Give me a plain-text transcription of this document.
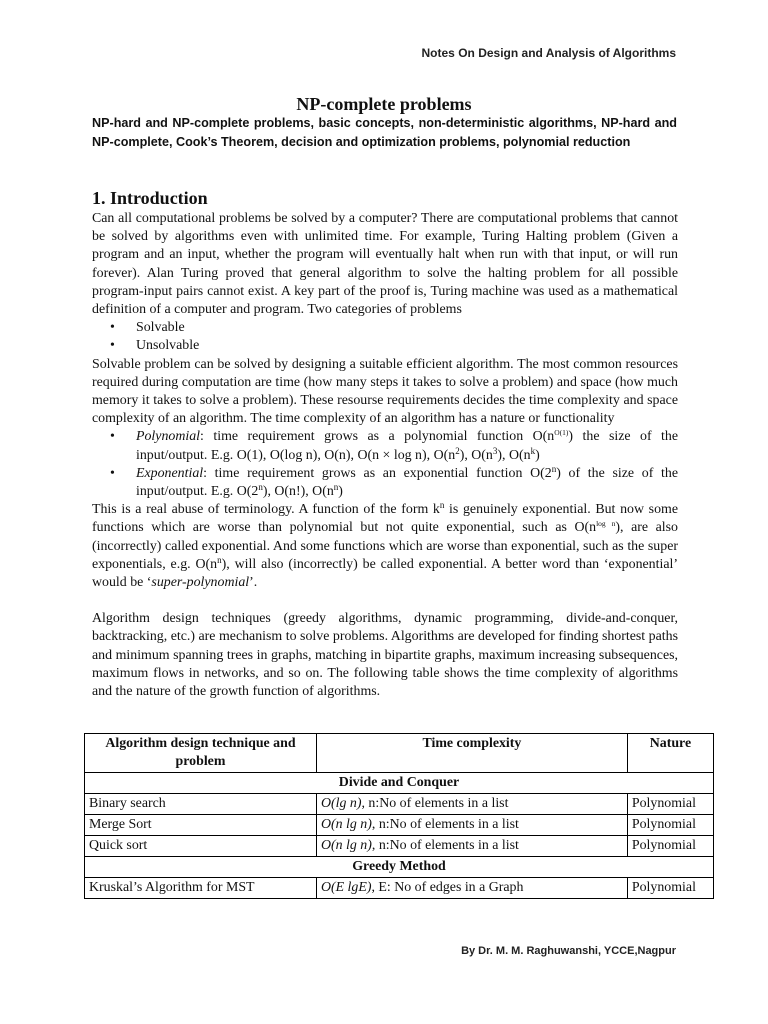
Notes On Design and Analysis of Algorithms
NP-complete problems

NP-hard and NP-complete problems, basic concepts, non-deterministic algorithms, NP-hard and NP-complete, Cook’s Theorem, decision and optimization problems, polynomial reduction

1. Introduction

Can all computational problems be solved by a computer? There are computational problems that cannot be solved by algorithms even with unlimited time. For example, Turing Halting problem (Given a program and an input, whether the program will eventually halt when run with that input, or will run forever). Alan Turing proved that general algorithm to solve the halting problem for all possible program-input pairs cannot exist. A key part of the proof is, Turing machine was used as a mathematical definition of a computer and program. Two categories of problems

• Solvable
• Unsolvable

Solvable problem can be solved by designing a suitable efficient algorithm. The most common resources required during computation are time (how many steps it takes to solve a problem) and space (how much memory it takes to solve a problem). These resourse requirements decides the time complexity and space complexity of an algorithm. The time complexity of an algorithm has a nature or functionality

• Polynomial: time requirement grows as a polynomial function $O(n^{O(1)})$ the size of the input/output. E.g. O(1), O(log n), O(n), O(n × log n), $O(n^2)$, $O(n^3)$, $O(n^k)$
• Exponential: time requirement grows as an exponential function O(2$^n$) of the size of the input/output. E.g. O(2$^n$), O(n!), $O(n^n)$

This is a real abuse of terminology. A function of the form $k^n$ is genuinely exponential. But now some functions which are worse than polynomial but not quite exponential, such as $O(n^{log n})$, are also (incorrectly) called exponential. And some functions which are worse than exponential, such as the super exponentials, e.g. $O(n^n)$, will also (incorrectly) be called exponential. A better word than ‘exponential’ would be ‘super-polynomial’.

Algorithm design techniques (greedy algorithms, dynamic programming, divide-and-conquer, backtracking, etc.) are mechanism to solve problems. Algorithms are developed for finding shortest paths and minimum spanning trees in graphs, matching in bipartite graphs, maximum increasing subsequences, maximum flows in networks, and so on. The following table shows the time complexity of algorithms and the nature of the growth function of algorithms.

Algorithm design technique and problem	Time complexity	Nature
Divide and Conquer		
Binary search	O(lg n), n:No of elements in a list	Polynomial
Merge Sort	O(n lg n), n:No of elements in a list	Polynomial
Quick sort	O(n lg n), n:No of elements in a list	Polynomial
Greedy Method		
Kruskal’s Algorithm for MST	O(E lgE), E: No of edges in a Graph	Polynomial
By Dr. M. M. Raghuwanshi, YCCE,Nagpur
